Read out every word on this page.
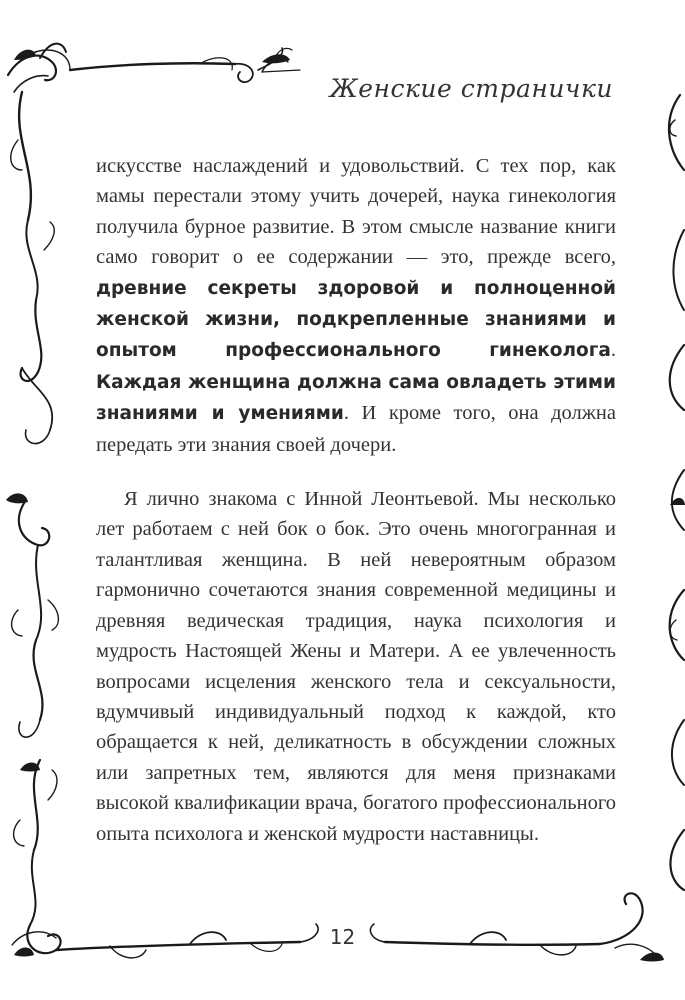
Женские странички

искусстве наслаждений и удовольствий. С тех пор, как мамы перестали этому учить дочерей, наука гинекология получила бурное развитие. В этом смысле название книги само говорит о ее содержании — это, прежде всего, древние секреты здоровой и полноценной женской жизни, подкрепленные знаниями и опытом профессионального гинеколога. Каждая женщина должна сама овладеть этими знаниями и умениями. И кроме того, она должна передать эти знания своей дочери.

Я лично знакома с Инной Леонтьевой. Мы несколько лет работаем с ней бок о бок. Это очень многогранная и талантливая женщина. В ней невероятным образом гармонично сочетаются знания современной медицины и древняя ведическая традиция, наука психология и мудрость Настоящей Жены и Матери. А ее увлеченность вопросами исцеления женского тела и сексуальности, вдумчивый индивидуальный подход к каждой, кто обращается к ней, деликатность в обсуждении сложных или запретных тем, являются для меня признаками высокой квалификации врача, богатого профессионального опыта психолога и женской мудрости наставницы.

12
